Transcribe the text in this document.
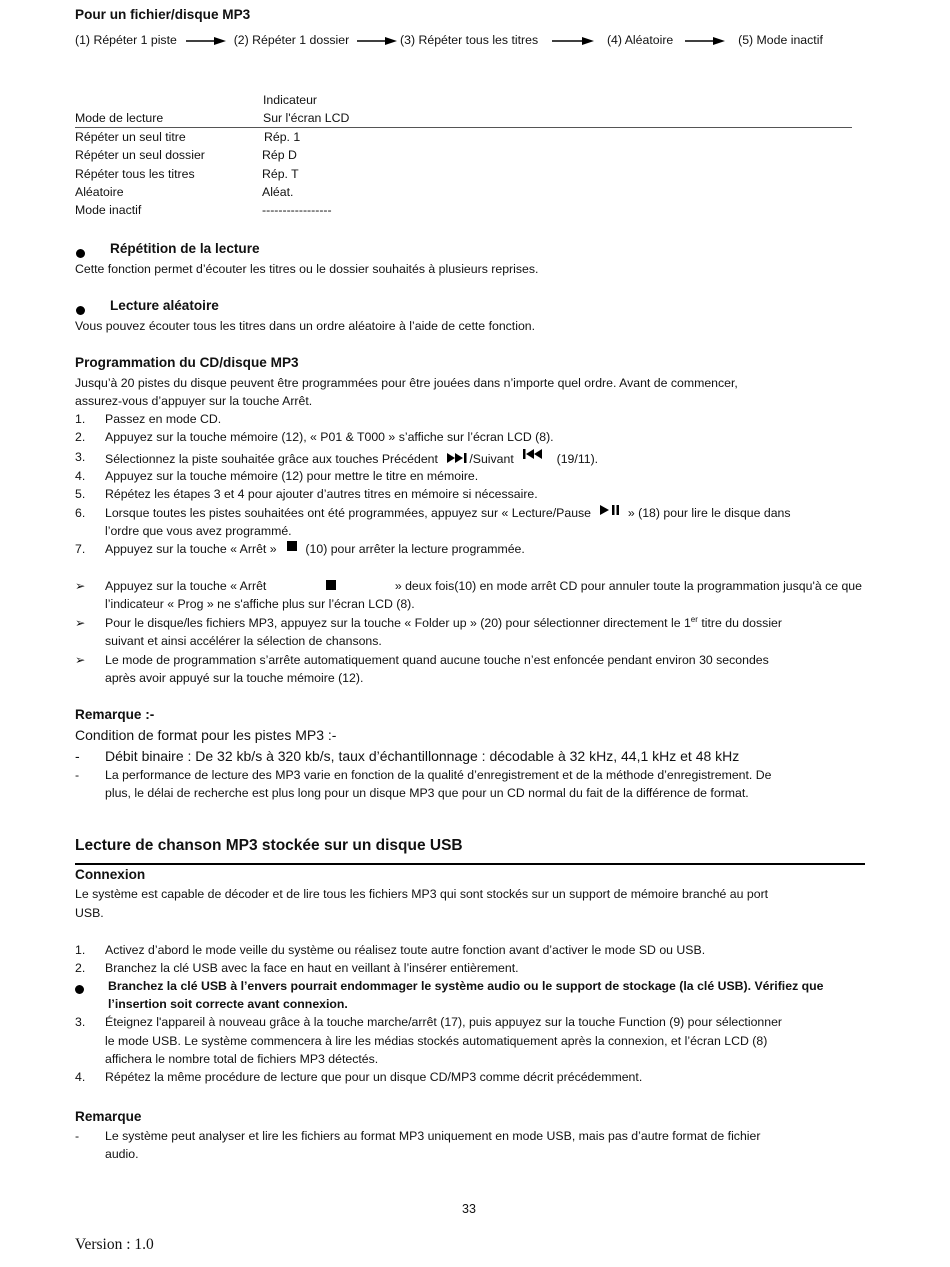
Pour un fichier/disque MP3
(1) Répéter 1 piste	(2) Répéter 1 dossier	(3) Répéter tous les titres	(4) Aléatoire	(5) Mode inactif
Indicateur
Mode de lecture	Sur l'écran LCD
Répéter un seul titre	Rép. 1
Répéter un seul dossier	Rép D
Répéter tous les titres	Rép. T
Aléatoire	Aléat.
Mode inactif	-----------------
Répétition de la lecture
Cette fonction permet d’écouter les titres ou le dossier souhaités à plusieurs reprises.
Lecture aléatoire
Vous pouvez écouter tous les titres dans un ordre aléatoire à l’aide de cette fonction.
Programmation du CD/disque MP3
Jusqu’à 20 pistes du disque peuvent être programmées pour être jouées dans n’importe quel ordre. Avant de commencer,
assurez-vous d’appuyer sur la touche Arrêt.
1. Passez en mode CD.
2. Appuyez sur la touche mémoire (12), « P01 & T000 » s’affiche sur l’écran LCD (8).
3. Sélectionnez la piste souhaitée grâce aux touches Précédent	/Suivant	(19/11).
4. Appuyez sur la touche mémoire (12) pour mettre le titre en mémoire.
5. Répétez les étapes 3 et 4 pour ajouter d’autres titres en mémoire si nécessaire.
6. Lorsque toutes les pistes souhaitées ont été programmées, appuyez sur « Lecture/Pause	» (18) pour lire le disque dans
l’ordre que vous avez programmé.
7. Appuyez sur la touche « Arrêt » (10) pour arrêter la lecture programmée.
➢ Appuyez sur la touche « Arrêt	» deux fois(10) en mode arrêt CD pour annuler toute la programmation jusqu'à ce que
l’indicateur « Prog » ne s'affiche plus sur l’écran LCD (8).
➢ Pour le disque/les fichiers MP3, appuyez sur la touche « Folder up » (20) pour sélectionner directement le 1er titre du dossier
suivant et ainsi accélérer la sélection de chansons.
➢ Le mode de programmation s’arrête automatiquement quand aucune touche n’est enfoncée pendant environ 30 secondes
après avoir appuyé sur la touche mémoire (12).
Remarque :-
Condition de format pour les pistes MP3 :-
- Débit binaire : De 32 kb/s à 320 kb/s, taux d’échantillonnage : décodable à 32 kHz, 44,1 kHz et 48 kHz
- La performance de lecture des MP3 varie en fonction de la qualité d’enregistrement et de la méthode d’enregistrement. De
plus, le délai de recherche est plus long pour un disque MP3 que pour un CD normal du fait de la différence de format.
Lecture de chanson MP3 stockée sur un disque USB
Connexion
Le système est capable de décoder et de lire tous les fichiers MP3 qui sont stockés sur un support de mémoire branché au port
USB.
1. Activez d’abord le mode veille du système ou réalisez toute autre fonction avant d’activer le mode SD ou USB.
2. Branchez la clé USB avec la face en haut en veillant à l’insérer entièrement.
Branchez la clé USB à l’envers pourrait endommager le système audio ou le support de stockage (la clé USB). Vérifiez que
l’insertion soit correcte avant connexion.
3. Éteignez l'appareil à nouveau grâce à la touche marche/arrêt (17), puis appuyez sur la touche Function (9) pour sélectionner
le mode USB. Le système commencera à lire les médias stockés automatiquement après la connexion, et l’écran LCD (8)
affichera le nombre total de fichiers MP3 détectés.
4. Répétez la même procédure de lecture que pour un disque CD/MP3 comme décrit précédemment.
Remarque
- Le système peut analyser et lire les fichiers au format MP3 uniquement en mode USB, mais pas d’autre format de fichier
audio.
33
Version : 1.0
